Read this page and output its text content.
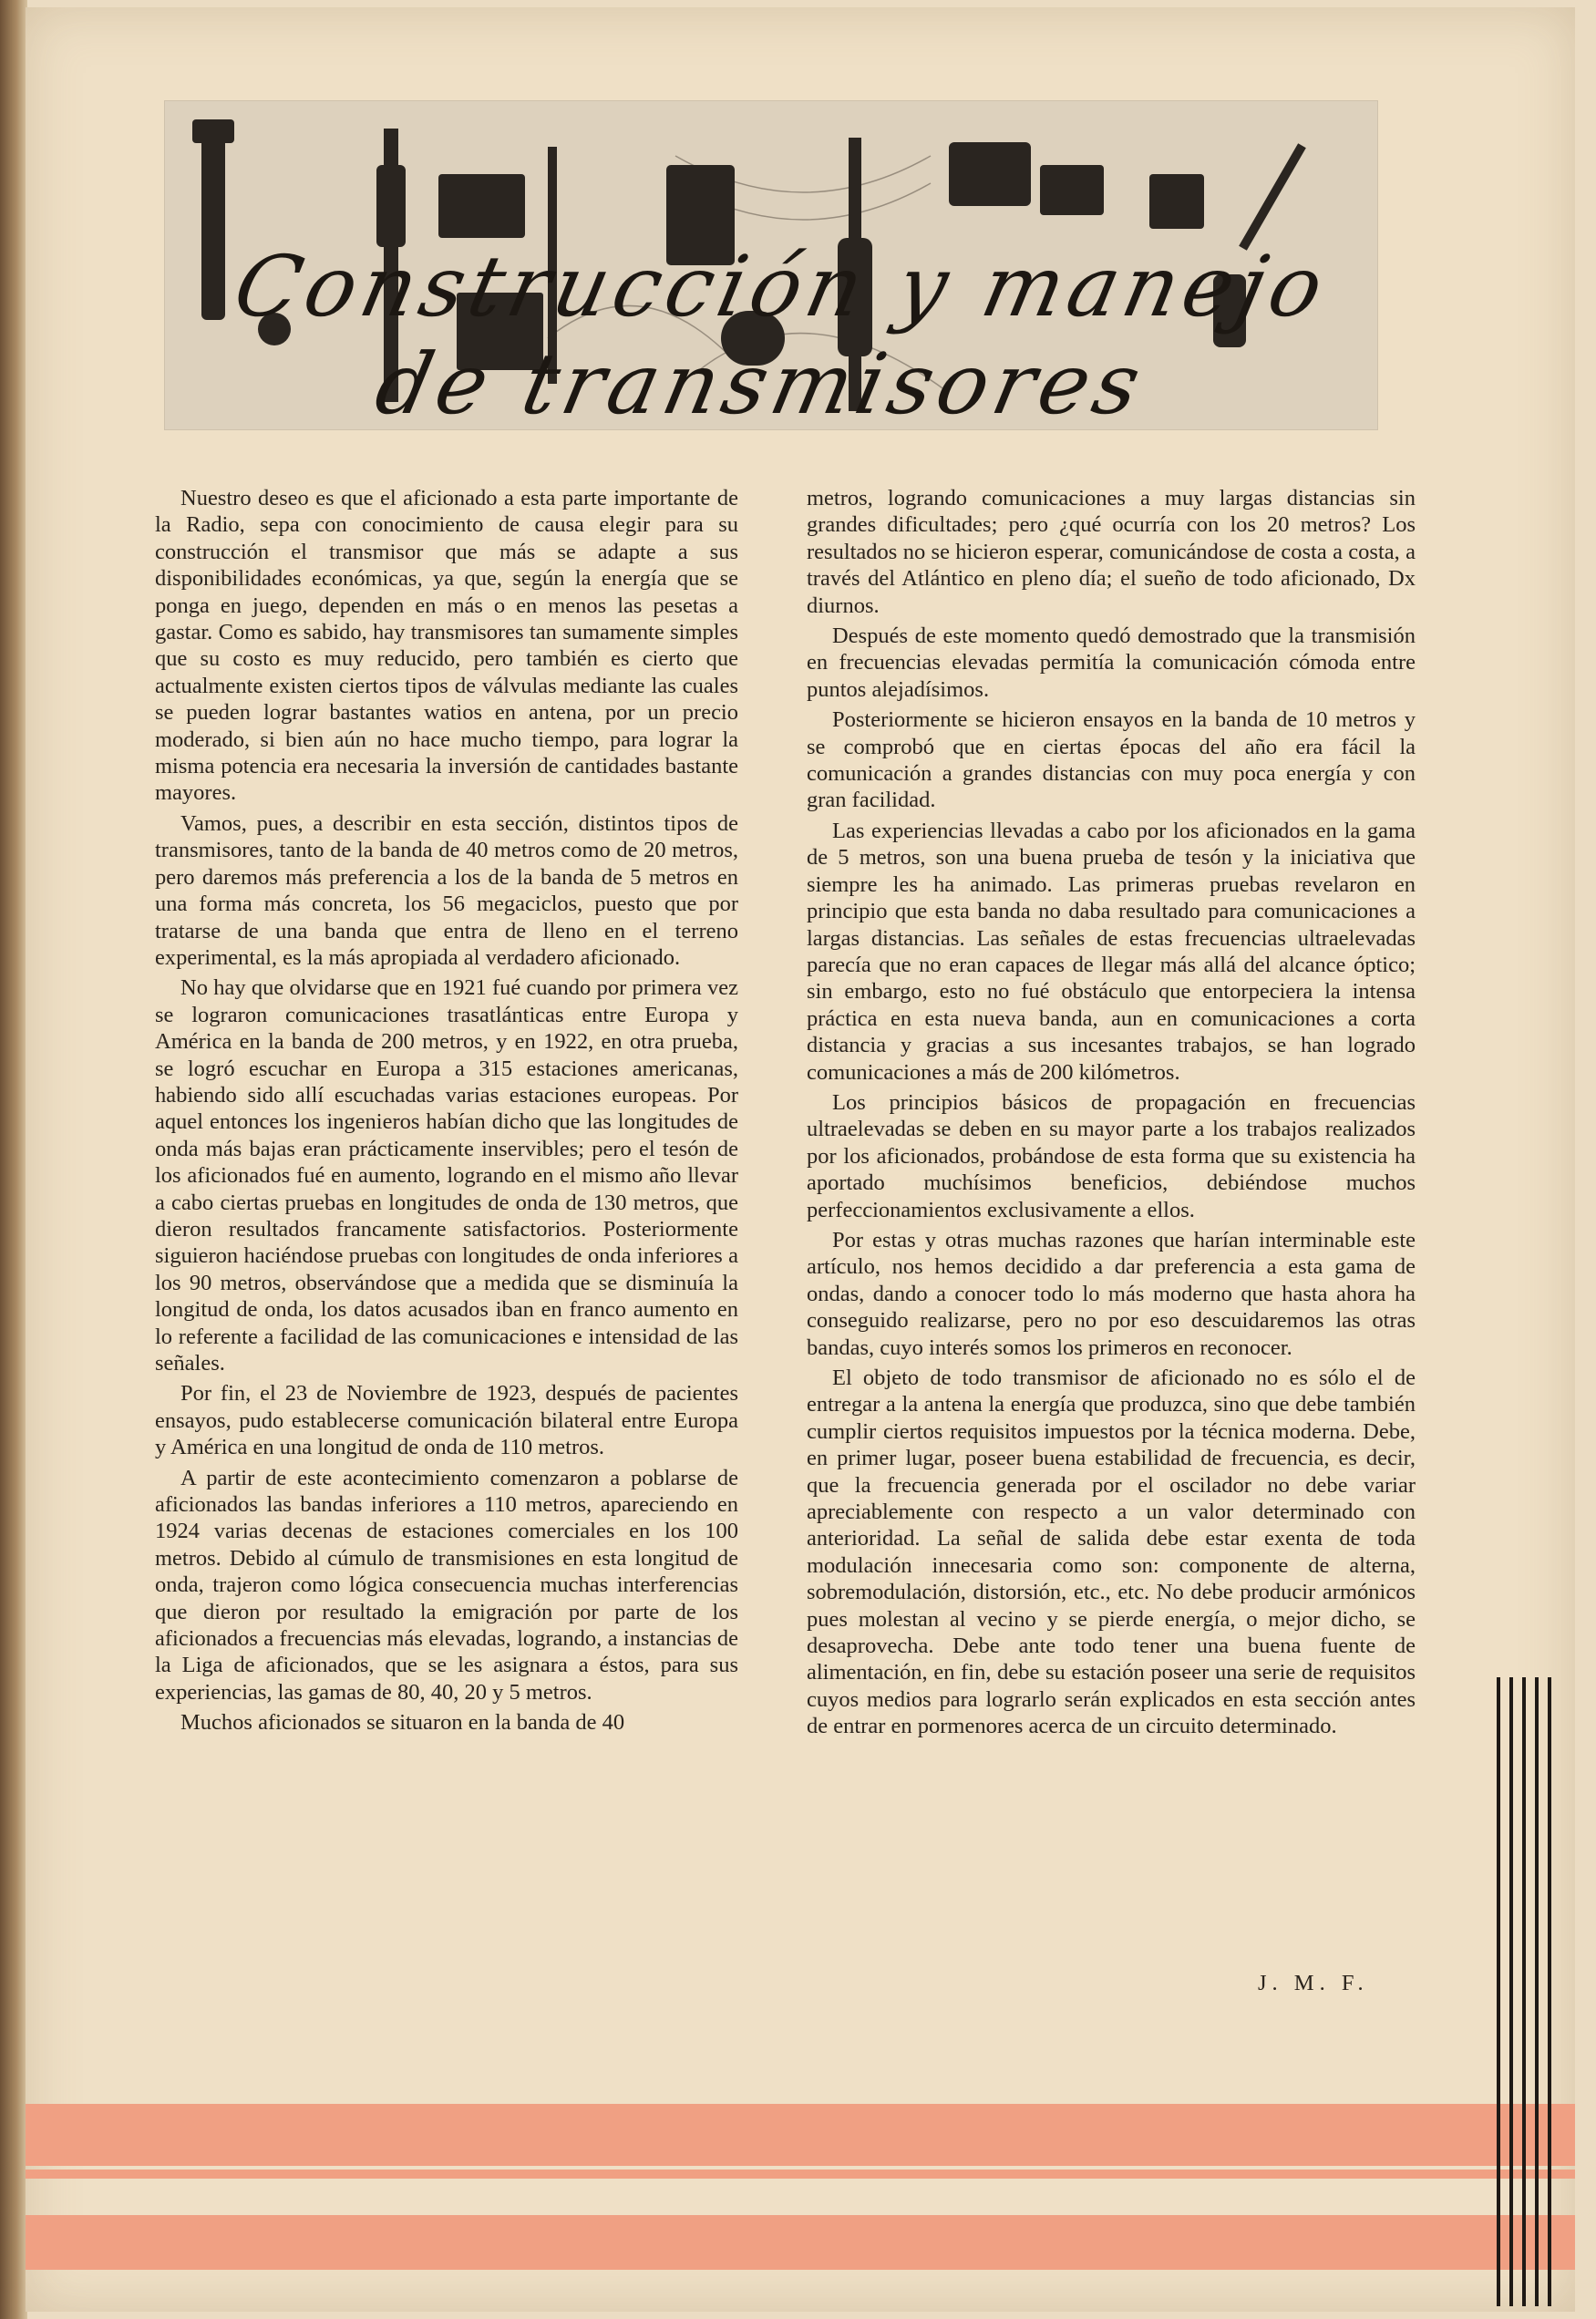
Construcción y manejo de transmisores

Nuestro deseo es que el aficionado a esta parte importante de la Radio, sepa con conocimiento de causa elegir para su construcción el transmisor que más se adapte a sus disponibilidades económicas, ya que, según la energía que se ponga en juego, dependen en más o en menos las pesetas a gastar. Como es sabido, hay transmisores tan sumamente simples que su costo es muy reducido, pero también es cierto que actualmente existen ciertos tipos de válvulas mediante las cuales se pueden lograr bastantes watios en antena, por un precio moderado, si bien aún no hace mucho tiempo, para lograr la misma potencia era necesaria la inversión de cantidades bastante mayores.

Vamos, pues, a describir en esta sección, distintos tipos de transmisores, tanto de la banda de 40 metros como de 20 metros, pero daremos más preferencia a los de la banda de 5 metros en una forma más concreta, los 56 megaciclos, puesto que por tratarse de una banda que entra de lleno en el terreno experimental, es la más apropiada al verdadero aficionado.

No hay que olvidarse que en 1921 fué cuando por primera vez se lograron comunicaciones trasatlánticas entre Europa y América en la banda de 200 metros, y en 1922, en otra prueba, se logró escuchar en Europa a 315 estaciones americanas, habiendo sido allí escuchadas varias estaciones europeas. Por aquel entonces los ingenieros habían dicho que las longitudes de onda más bajas eran prácticamente inservibles; pero el tesón de los aficionados fué en aumento, logrando en el mismo año llevar a cabo ciertas pruebas en longitudes de onda de 130 metros, que dieron resultados francamente satisfactorios. Posteriormente siguieron haciéndose pruebas con longitudes de onda inferiores a los 90 metros, observándose que a medida que se disminuía la longitud de onda, los datos acusados iban en franco aumento en lo referente a facilidad de las comunicaciones e intensidad de las señales.

Por fin, el 23 de Noviembre de 1923, después de pacientes ensayos, pudo establecerse comunicación bilateral entre Europa y América en una longitud de onda de 110 metros.

A partir de este acontecimiento comenzaron a poblarse de aficionados las bandas inferiores a 110 metros, apareciendo en 1924 varias decenas de estaciones comerciales en los 100 metros. Debido al cúmulo de transmisiones en esta longitud de onda, trajeron como lógica consecuencia muchas interferencias que dieron por resultado la emigración por parte de los aficionados a frecuencias más elevadas, logrando, a instancias de la Liga de aficionados, que se les asignara a éstos, para sus experiencias, las gamas de 80, 40, 20 y 5 metros.

Muchos aficionados se situaron en la banda de 40

metros, logrando comunicaciones a muy largas distancias sin grandes dificultades; pero ¿qué ocurría con los 20 metros? Los resultados no se hicieron esperar, comunicándose de costa a costa, a través del Atlántico en pleno día; el sueño de todo aficionado, Dx diurnos.

Después de este momento quedó demostrado que la transmisión en frecuencias elevadas permitía la comunicación cómoda entre puntos alejadísimos.

Posteriormente se hicieron ensayos en la banda de 10 metros y se comprobó que en ciertas épocas del año era fácil la comunicación a grandes distancias con muy poca energía y con gran facilidad.

Las experiencias llevadas a cabo por los aficionados en la gama de 5 metros, son una buena prueba de tesón y la iniciativa que siempre les ha animado. Las primeras pruebas revelaron en principio que esta banda no daba resultado para comunicaciones a largas distancias. Las señales de estas frecuencias ultraelevadas parecía que no eran capaces de llegar más allá del alcance óptico; sin embargo, esto no fué obstáculo que entorpeciera la intensa práctica en esta nueva banda, aun en comunicaciones a corta distancia y gracias a sus incesantes trabajos, se han logrado comunicaciones a más de 200 kilómetros.

Los principios básicos de propagación en frecuencias ultraelevadas se deben en su mayor parte a los trabajos realizados por los aficionados, probándose de esta forma que su existencia ha aportado muchísimos beneficios, debiéndose muchos perfeccionamientos exclusivamente a ellos.

Por estas y otras muchas razones que harían interminable este artículo, nos hemos decidido a dar preferencia a esta gama de ondas, dando a conocer todo lo más moderno que hasta ahora ha conseguido realizarse, pero no por eso descuidaremos las otras bandas, cuyo interés somos los primeros en reconocer.

El objeto de todo transmisor de aficionado no es sólo el de entregar a la antena la energía que produzca, sino que debe también cumplir ciertos requisitos impuestos por la técnica moderna. Debe, en primer lugar, poseer buena estabilidad de frecuencia, es decir, que la frecuencia generada por el oscilador no debe variar apreciablemente con respecto a un valor determinado con anterioridad. La señal de salida debe estar exenta de toda modulación innecesaria como son: componente de alterna, sobremodulación, distorsión, etc., etc. No debe producir armónicos pues molestan al vecino y se pierde energía, o mejor dicho, se desaprovecha. Debe ante todo tener una buena fuente de alimentación, en fin, debe su estación poseer una serie de requisitos cuyos medios para lograrlo serán explicados en esta sección antes de entrar en pormenores acerca de un circuito determinado.

J. M. F.
